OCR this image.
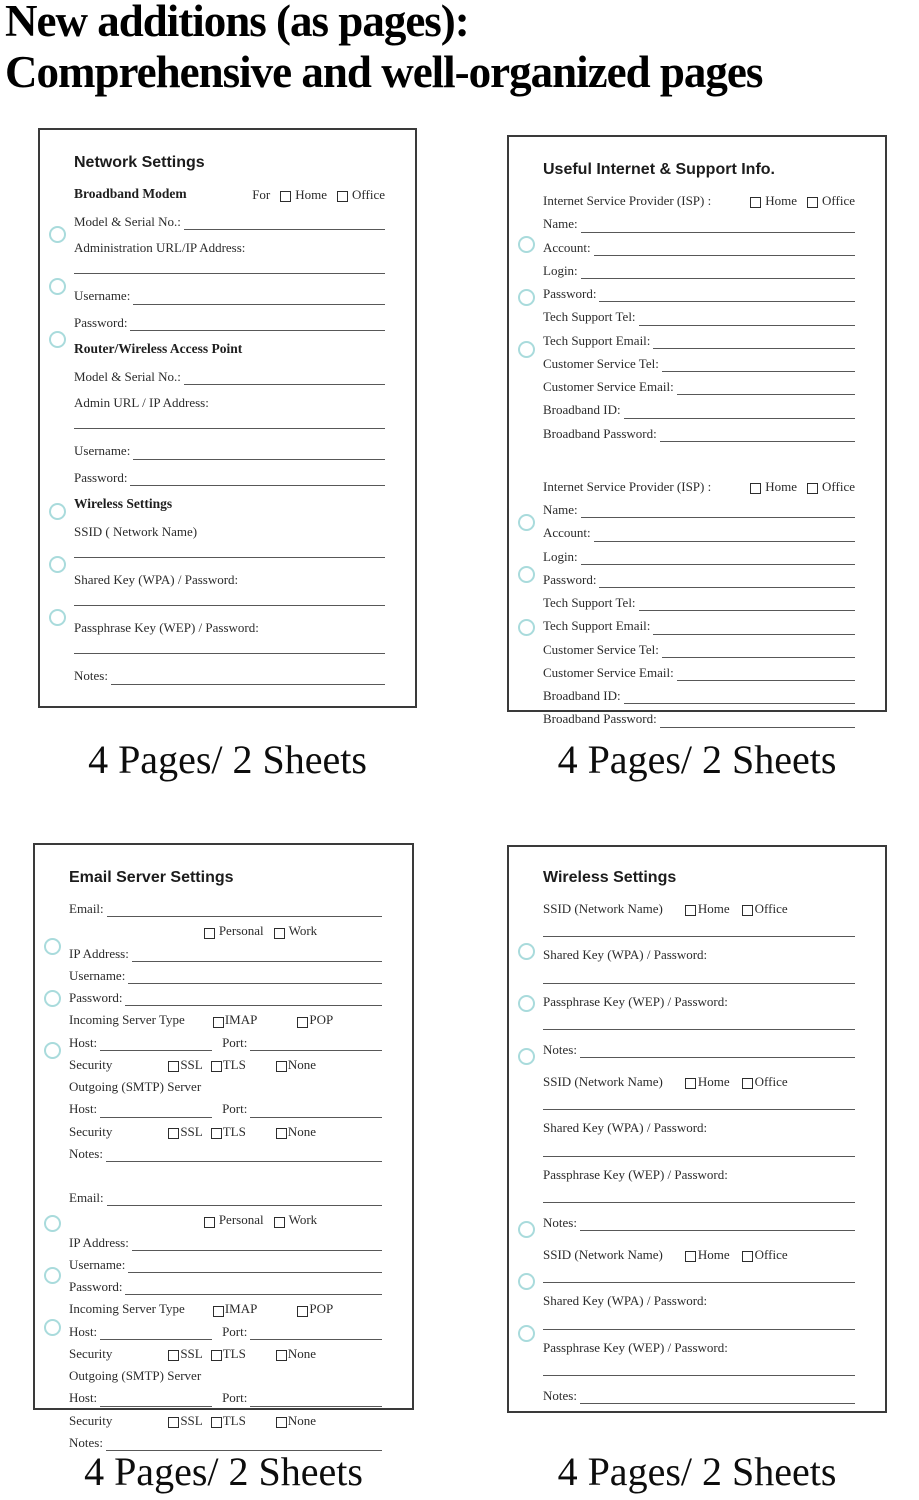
New additions (as pages):
Comprehensive and well-organized pages
Network Settings
Broadband Modem	For Home Office
Model & Serial No.:
Administration URL/IP Address:
Username:
Password:
Router/Wireless Access Point
Model & Serial No.:
Admin URL / IP Address:
Username:
Password:
Wireless Settings
SSID ( Network Name)
Shared Key (WPA) / Password:
Passphrase Key (WEP) / Password:
Notes:
Useful Internet & Support Info.
Internet Service Provider (ISP) :	Home Office
Name:
Account:
Login:
Password:
Tech Support Tel:
Tech Support Email:
Customer Service Tel:
Customer Service Email:
Broadband ID:
Broadband Password:
Internet Service Provider (ISP) :	Home Office
Name:
Account:
Login:
Password:
Tech Support Tel:
Tech Support Email:
Customer Service Tel:
Customer Service Email:
Broadband ID:
Broadband Password:
Email Server Settings
Email:
Personal Work
IP Address:
Username:
Password:
Incoming Server Type	IMAP	POP
Host:	Port:
Security	SSL TLS	None
Outgoing (SMTP) Server
Host:	Port:
Security	SSL TLS	None
Notes:
Email:
Personal Work
IP Address:
Username:
Password:
Incoming Server Type	IMAP	POP
Host:	Port:
Security	SSL TLS	None
Outgoing (SMTP) Server
Host:	Port:
Security	SSL TLS	None
Notes:
Wireless Settings
SSID (Network Name)	Home Office
Shared Key (WPA) / Password:
Passphrase Key (WEP) / Password:
Notes:
SSID (Network Name)	Home Office
Shared Key (WPA) / Password:
Passphrase Key (WEP) / Password:
Notes:
SSID (Network Name)	Home Office
Shared Key (WPA) / Password:
Passphrase Key (WEP) / Password:
Notes:
4 Pages/ 2 Sheets	4 Pages/ 2 Sheets
4 Pages/ 2 Sheets	4 Pages/ 2 Sheets
